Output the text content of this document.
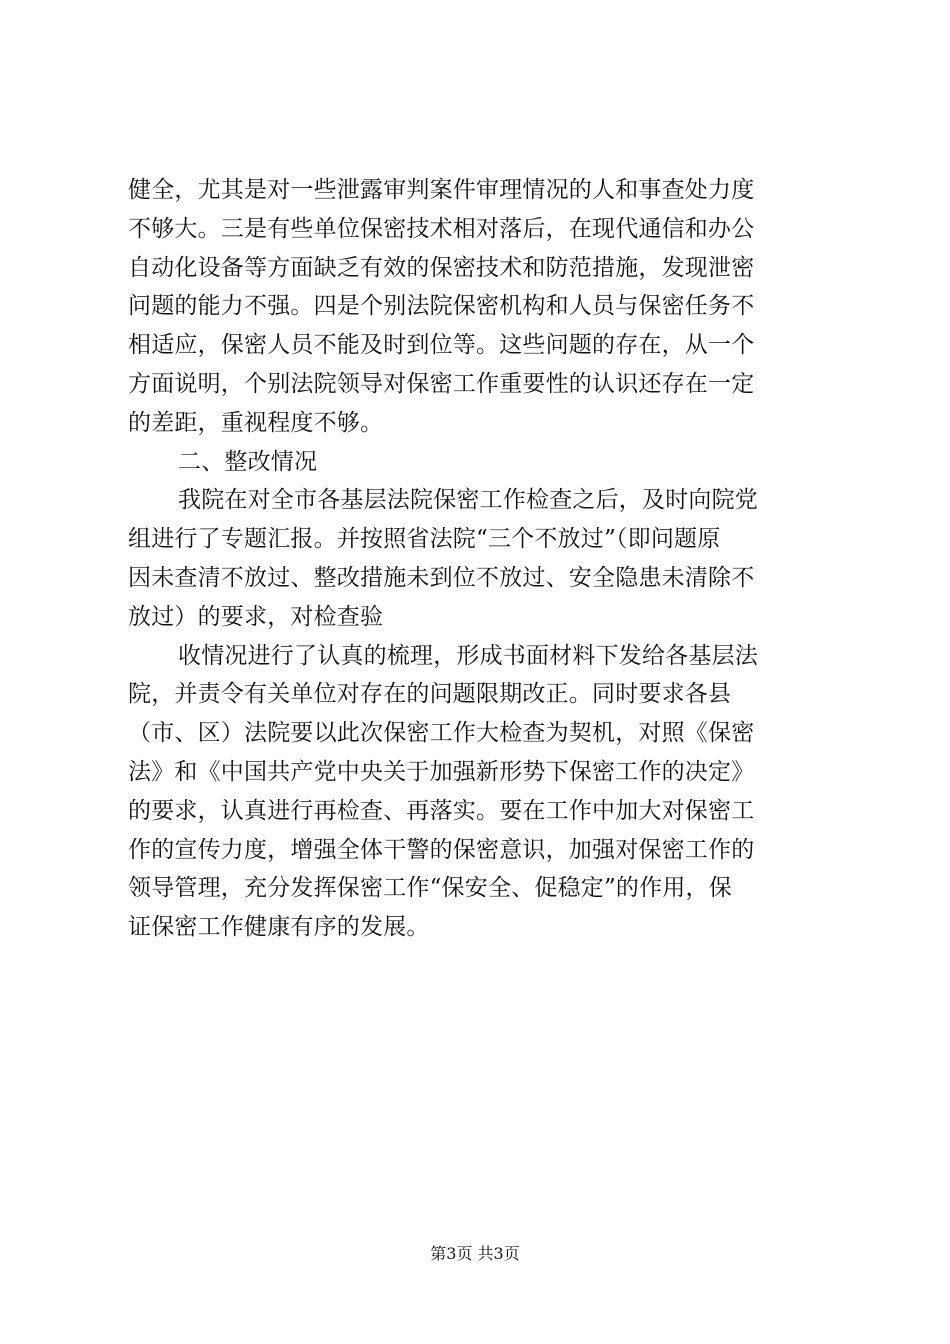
健全，尤其是对一些泄露审判案件审理情况的人和事查处力度
不够大。三是有些单位保密技术相对落后，在现代通信和办公
自动化设备等方面缺乏有效的保密技术和防范措施，发现泄密
问题的能力不强。四是个别法院保密机构和人员与保密任务不
相适应，保密人员不能及时到位等。这些问题的存在，从一个
方面说明，个别法院领导对保密工作重要性的认识还存在一定
的差距，重视程度不够。
二、整改情况
我院在对全市各基层法院保密工作检查之后，及时向院党
组进行了专题汇报。并按照省法院“三个不放过”（即问题原
因未查清不放过、整改措施未到位不放过、安全隐患未清除不
放过）的要求，对检查验
收情况进行了认真的梳理，形成书面材料下发给各基层法
院，并责令有关单位对存在的问题限期改正。同时要求各县
（市、区）法院要以此次保密工作大检查为契机，对照《保密
法》和《中国共产党中央关于加强新形势下保密工作的决定》
的要求，认真进行再检查、再落实。要在工作中加大对保密工
作的宣传力度，增强全体干警的保密意识，加强对保密工作的
领导管理，充分发挥保密工作“保安全、促稳定”的作用，保
证保密工作健康有序的发展。
第3页 共3页
